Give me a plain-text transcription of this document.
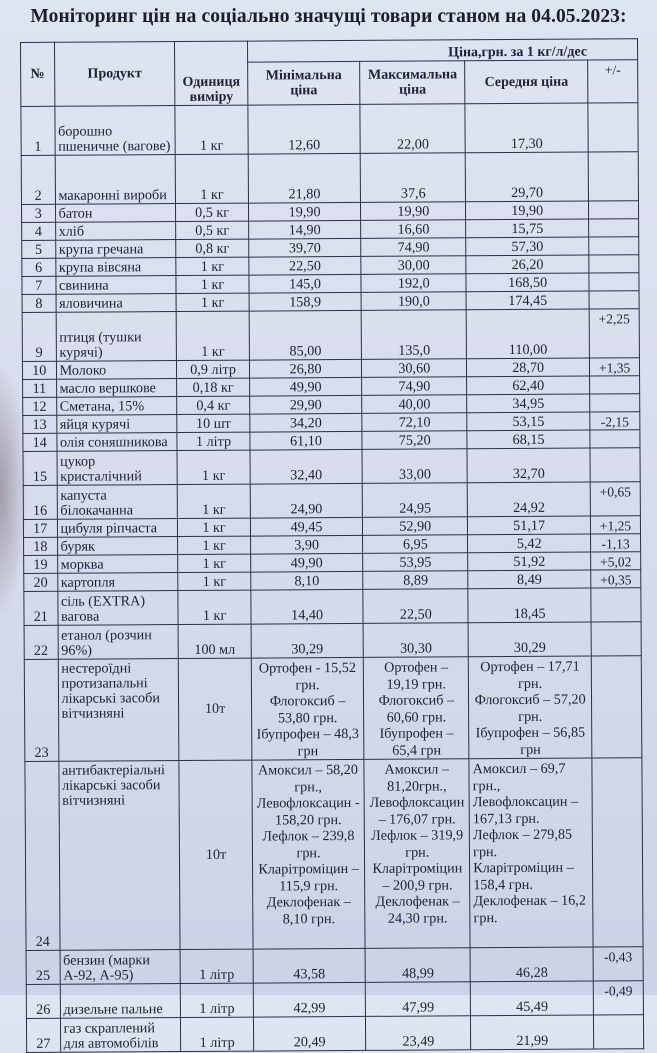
Моніторинг цін на соціально значущі товари станом на 04.05.2023:
№	Продукт	Одиниця виміру	Ціна,грн. за 1 кг/л/дес			
			Мінімальна ціна	Максимальна ціна	Середня ціна	+/-
1	борошно пшеничне (вагове)	1 кг	12,60	22,00	17,30	
2	макаронні вироби	1 кг	21,80	37,6	29,70	
3	батон	0,5 кг	19,90	19,90	19,90	
4	хліб	0,5 кг	14,90	16,60	15,75	
5	крупа гречана	0,8 кг	39,70	74,90	57,30	
6	крупа вівсяна	1 кг	22,50	30,00	26,20	
7	свинина	1 кг	145,0	192,0	168,50	
8	яловичина	1 кг	158,9	190,0	174,45	
9	птиця (тушки курячі)	1 кг	85,00	135,0	110,00	+2,25
10	Молоко	0,9 літр	26,80	30,60	28,70	+1,35
11	масло вершкове	0,18 кг	49,90	74,90	62,40	
12	Сметана, 15%	0,4 кг	29,90	40,00	34,95	
13	яйця курячі	10 шт	34,20	72,10	53,15	-2,15
14	олія соняшникова	1 літр	61,10	75,20	68,15	
15	цукор кристалічний	1 кг	32,40	33,00	32,70	
16	капуста білокачанна	1 кг	24,90	24,95	24,92	+0,65
17	цибуля ріпчаста	1 кг	49,45	52,90	51,17	+1,25
18	буряк	1 кг	3,90	6,95	5,42	-1,13
19	морква	1 кг	49,90	53,95	51,92	+5,02
20	картопля	1 кг	8,10	8,89	8,49	+0,35
21	сіль (EXTRA) вагова	1 кг	14,40	22,50	18,45	
22	етанол (розчин 96%)	100 мл	30,29	30,30	30,29	
23	нестероїдні протизапальні лікарські засоби вітчизняні	10т	Ортофен - 15,52 грн.
Флогоксиб – 53,80 грн.
Ібупрофен – 48,3 грн	Ортофен – 19,19 грн.
Флогоксиб – 60,60 грн.
Ібупрофен – 65,4 грн	Ортофен – 17,71 грн.
Флогоксиб – 57,20 грн.
Ібупрофен – 56,85 грн	

24	антибактеріальні лікарські засоби вітчизняні	10т	Амоксил – 58,20 грн.,
Левофлоксацин - 158,20 грн.
Лефлок – 239,8 грн.
Кларітроміцин – 115,9 грн.
Деклофенак – 8,10 грн.	Амоксил – 81,20грн.,
Левофлоксацин – 176,07 грн.
Лефлок – 319,9 грн.
Кларітроміцин – 200,9 грн.
Деклофенак – 24,30 грн.	Амоксил – 69,7 грн.,
Левофлоксацин – 167,13 грн.
Лефлок – 279,85 грн.
Кларітроміцин – 158,4 грн.
Деклофенак – 16,2 грн.	

25	бензин (марки А-92, А-95)	1 літр	43,58	48,99	46,28	-0,43
26	дизельне пальне	1 літр	42,99	47,99	45,49	-0,49
27	газ скраплений для автомобілів	1 літр	20,49	23,49	21,99	
